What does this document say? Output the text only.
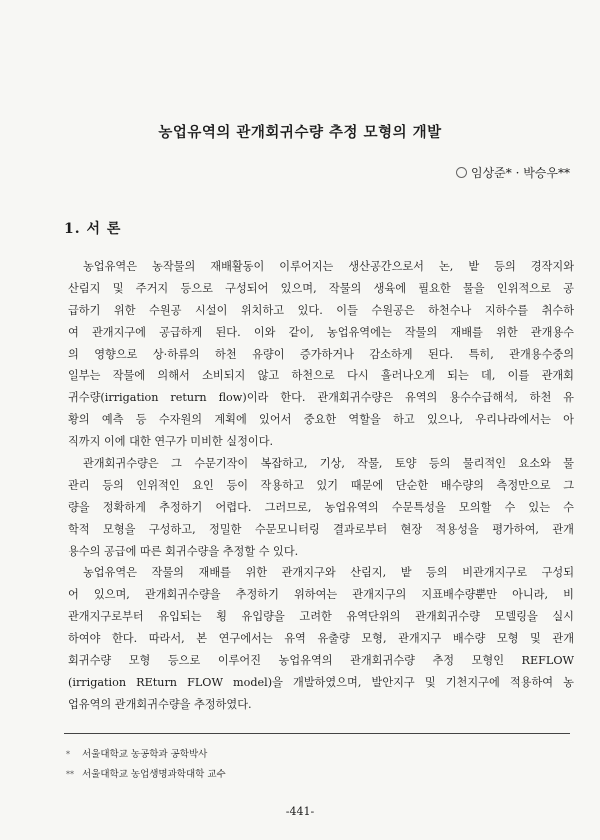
농업유역의 관개회귀수량 추정 모형의 개발
임상준* · 박승우**
1. 서 론
농업유역은 농작물의 재배활동이 이루어지는 생산공간으로서 논, 밭 등의 경작지와
산림지 및 주거지 등으로 구성되어 있으며, 작물의 생육에 필요한 물을 인위적으로 공
급하기 위한 수원공 시설이 위치하고 있다. 이들 수원공은 하천수나 지하수를 취수하
여 관개지구에 공급하게 된다. 이와 같이, 농업유역에는 작물의 재배를 위한 관개용수
의 영향으로 상·하류의 하천 유량이 증가하거나 감소하게 된다. 특히, 관개용수중의
일부는 작물에 의해서 소비되지 않고 하천으로 다시 흘러나오게 되는 데, 이를 관개회
귀수량(irrigation return flow)이라 한다. 관개회귀수량은 유역의 용수수급해석, 하천 유
황의 예측 등 수자원의 계획에 있어서 중요한 역할을 하고 있으나, 우리나라에서는 아
직까지 이에 대한 연구가 미비한 실정이다.
관개회귀수량은 그 수문기작이 복잡하고, 기상, 작물, 토양 등의 물리적인 요소와 물
관리 등의 인위적인 요인 등이 작용하고 있기 때문에 단순한 배수량의 측정만으로 그
량을 정확하게 추정하기 어렵다. 그러므로, 농업유역의 수문특성을 모의할 수 있는 수
학적 모형을 구성하고, 정밀한 수문모니터링 결과로부터 현장 적용성을 평가하여, 관개
용수의 공급에 따른 회귀수량을 추정할 수 있다.
농업유역은 작물의 재배를 위한 관개지구와 산림지, 밭 등의 비관개지구로 구성되
어 있으며, 관개회귀수량을 추정하기 위하여는 관개지구의 지표배수량뿐만 아니라, 비
관개지구로부터 유입되는 횡 유입량을 고려한 유역단위의 관개회귀수량 모델링을 실시
하여야 한다. 따라서, 본 연구에서는 유역 유출량 모형, 관개지구 배수량 모형 및 관개
회귀수량 모형 등으로 이루어진 농업유역의 관개회귀수량 추정 모형인 REFLOW
(irrigation REturn FLOW model)을 개발하였으며, 발안지구 및 기천지구에 적용하여 농
업유역의 관개회귀수량을 추정하였다.
* 서울대학교 농공학과 공학박사
** 서울대학교 농업생명과학대학 교수
-441-
